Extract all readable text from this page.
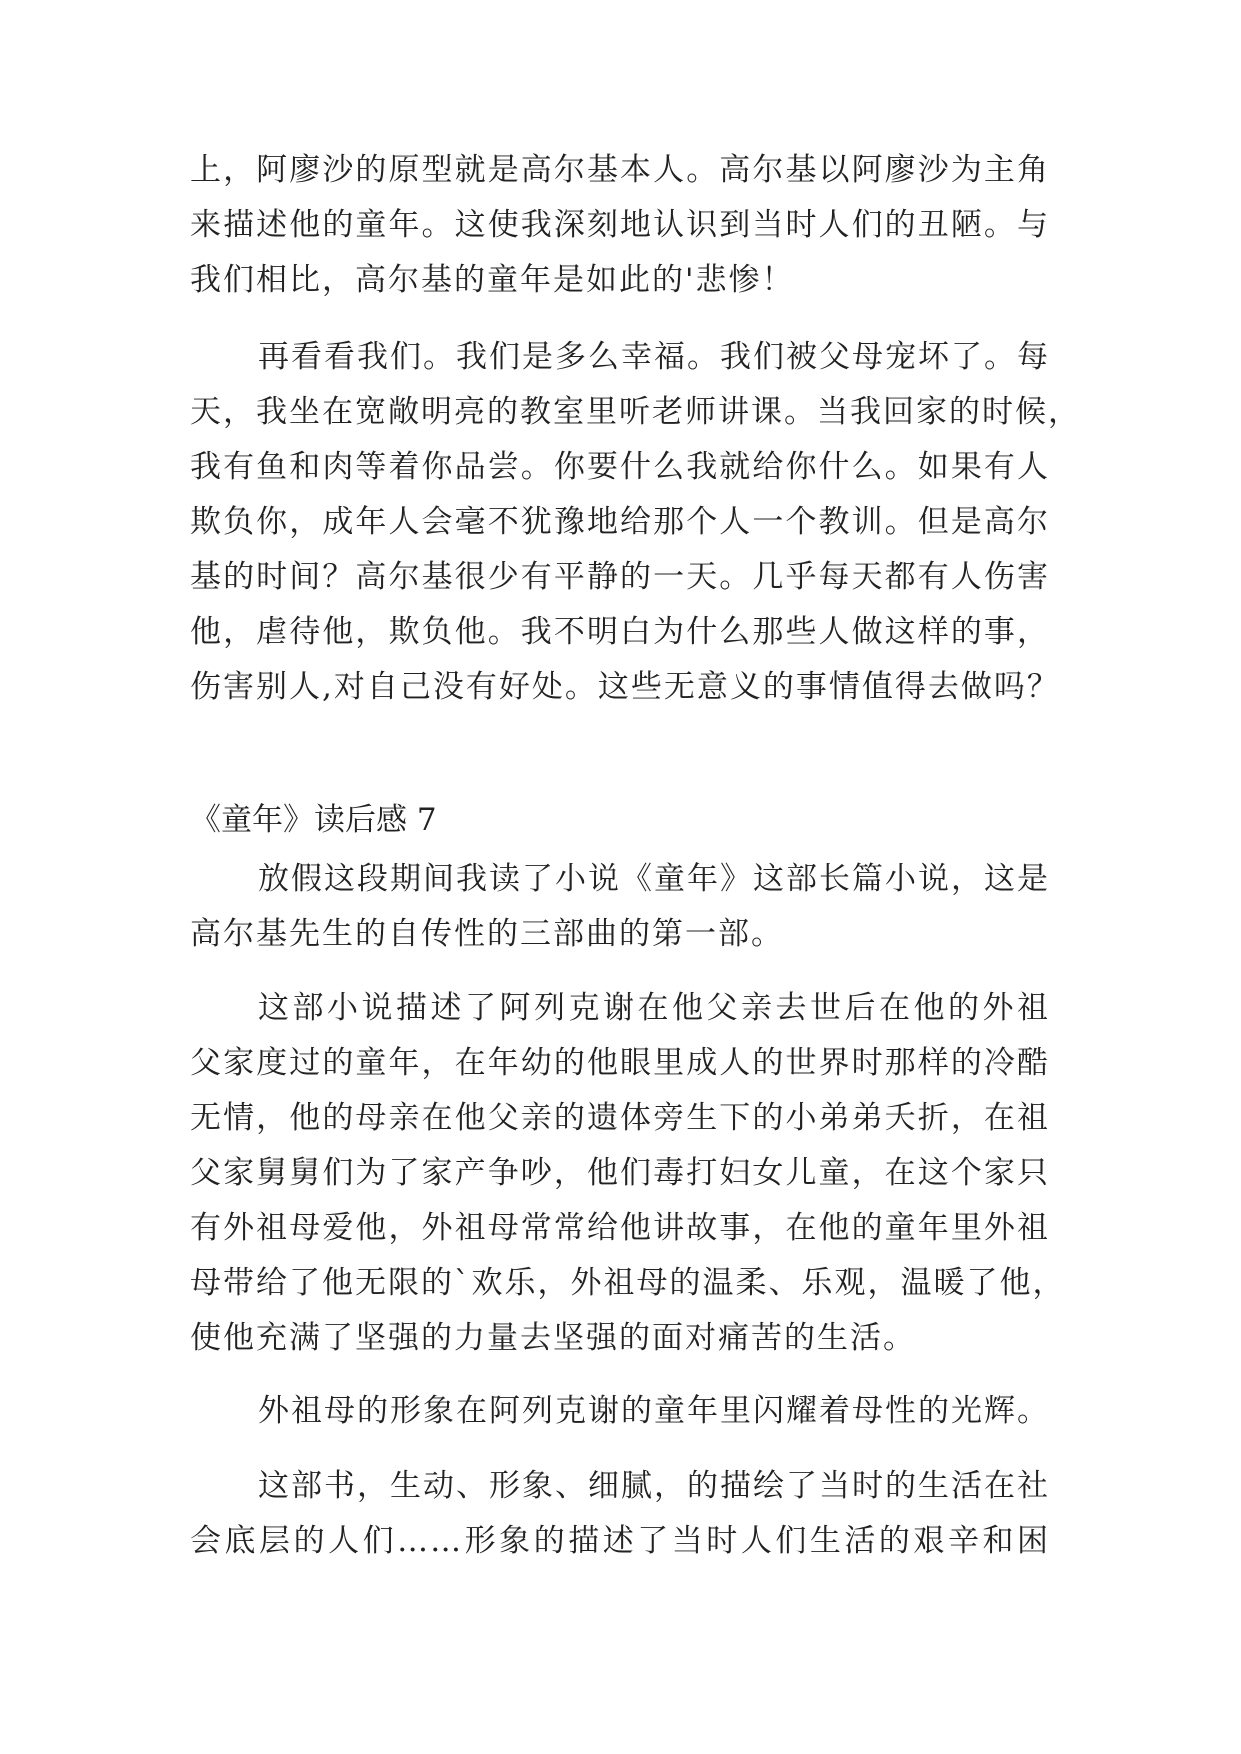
上，阿廖沙的原型就是高尔基本人。高尔基以阿廖沙为主角
来描述他的童年。这使我深刻地认识到当时人们的丑陋。与
我们相比，高尔基的童年是如此的'悲惨！
再看看我们。我们是多么幸福。我们被父母宠坏了。每
天，我坐在宽敞明亮的教室里听老师讲课。当我回家的时候，
我有鱼和肉等着你品尝。你要什么我就给你什么。如果有人
欺负你，成年人会毫不犹豫地给那个人一个教训。但是高尔
基的时间？高尔基很少有平静的一天。几乎每天都有人伤害
他，虐待他，欺负他。我不明白为什么那些人做这样的事，
伤害别人,对自己没有好处。这些无意义的事情值得去做吗？
《童年》读后感 7
放假这段期间我读了小说《童年》这部长篇小说，这是
高尔基先生的自传性的三部曲的第一部。
这部小说描述了阿列克谢在他父亲去世后在他的外祖
父家度过的童年，在年幼的他眼里成人的世界时那样的冷酷
无情，他的母亲在他父亲的遗体旁生下的小弟弟夭折，在祖
父家舅舅们为了家产争吵，他们毒打妇女儿童，在这个家只
有外祖母爱他，外祖母常常给他讲故事，在他的童年里外祖
母带给了他无限的`欢乐，外祖母的温柔、乐观，温暖了他，
使他充满了坚强的力量去坚强的面对痛苦的生活。
外祖母的形象在阿列克谢的童年里闪耀着母性的光辉。
这部书，生动、形象、细腻，的描绘了当时的生活在社
会底层的人们……形象的描述了当时人们生活的艰辛和困
